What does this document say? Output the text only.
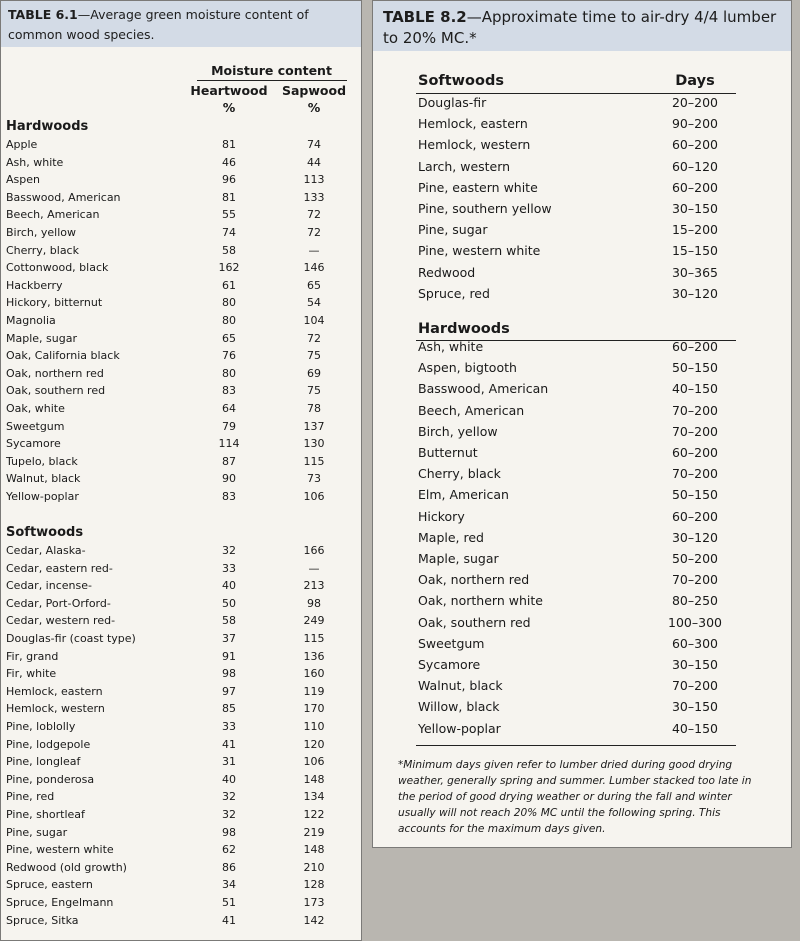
TABLE 6.1—Average green moisture content of common wood species.
Moisture content
Heartwood	Sapwood
%	%
Hardwoods
Apple	81	74
Ash, white	46	44
Aspen	96	113
Basswood, American	81	133
Beech, American	55	72
Birch, yellow	74	72
Cherry, black	58	—
Cottonwood, black	162	146
Hackberry	61	65
Hickory, bitternut	80	54
Magnolia	80	104
Maple, sugar	65	72
Oak, California black	76	75
Oak, northern red	80	69
Oak, southern red	83	75
Oak, white	64	78
Sweetgum	79	137
Sycamore	114	130
Tupelo, black	87	115
Walnut, black	90	73
Yellow-poplar	83	106
Softwoods
Cedar, Alaska-	32	166
Cedar, eastern red-	33	—
Cedar, incense-	40	213
Cedar, Port-Orford-	50	98
Cedar, western red-	58	249
Douglas-fir (coast type)	37	115
Fir, grand	91	136
Fir, white	98	160
Hemlock, eastern	97	119
Hemlock, western	85	170
Pine, loblolly	33	110
Pine, lodgepole	41	120
Pine, longleaf	31	106
Pine, ponderosa	40	148
Pine, red	32	134
Pine, shortleaf	32	122
Pine, sugar	98	219
Pine, western white	62	148
Redwood (old growth)	86	210
Spruce, eastern	34	128
Spruce, Engelmann	51	173
Spruce, Sitka	41	142
TABLE 8.2—Approximate time to air-dry 4/4 lumber to 20% MC.*
Softwoods	Days
Douglas-fir	20–200
Hemlock, eastern	90–200
Hemlock, western	60–200
Larch, western	60–120
Pine, eastern white	60–200
Pine, southern yellow	30–150
Pine, sugar	15–200
Pine, western white	15–150
Redwood	30–365
Spruce, red	30–120
Hardwoods
Ash, white	60–200
Aspen, bigtooth	50–150
Basswood, American	40–150
Beech, American	70–200
Birch, yellow	70–200
Butternut	60–200
Cherry, black	70–200
Elm, American	50–150
Hickory	60–200
Maple, red	30–120
Maple, sugar	50–200
Oak, northern red	70–200
Oak, northern white	80–250
Oak, southern red	100–300
Sweetgum	60–300
Sycamore	30–150
Walnut, black	70–200
Willow, black	30–150
Yellow-poplar	40–150
*Minimum days given refer to lumber dried during good drying weather, generally spring and summer. Lumber stacked too late in the period of good drying weather or during the fall and winter usually will not reach 20% MC until the following spring. This accounts for the maximum days given.
